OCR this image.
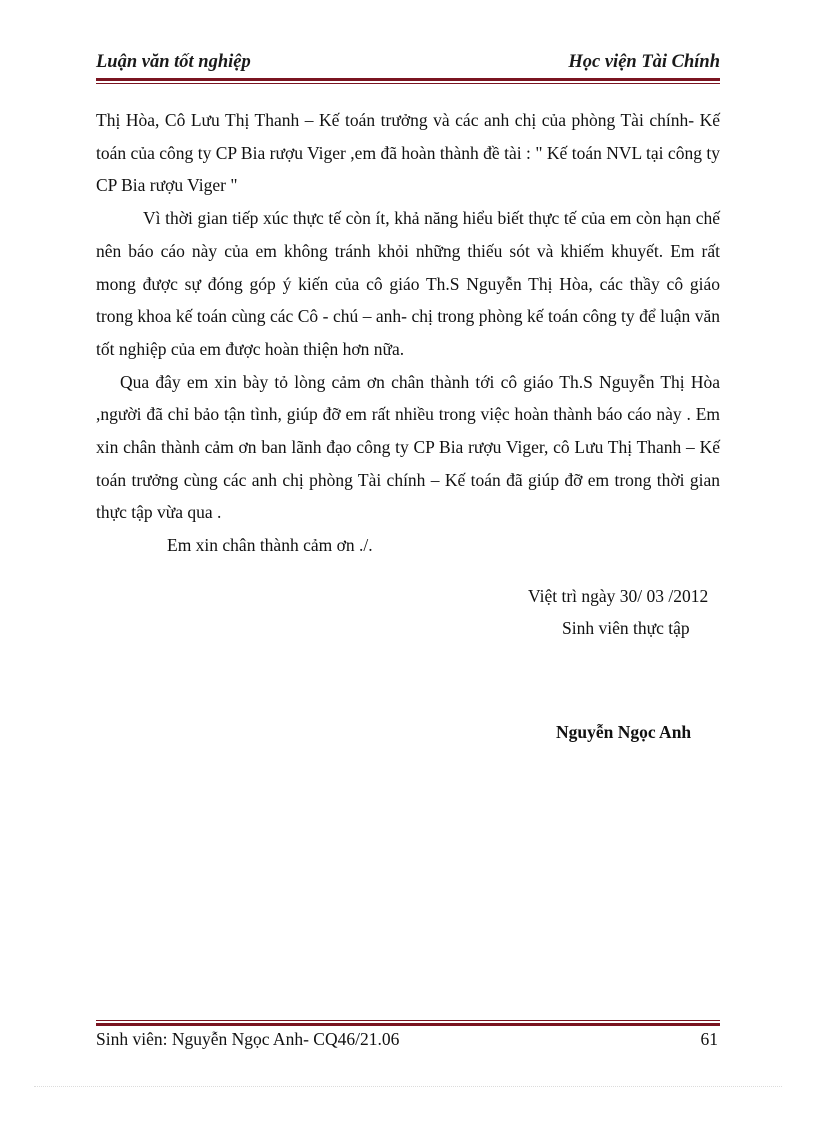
Luận văn tốt nghiệp	Học viện Tài Chính

Thị Hòa, Cô Lưu Thị Thanh – Kế toán trưởng và các anh chị của phòng Tài chính- Kế toán của công ty CP Bia rượu Viger ,em đã hoàn thành đề tài : " Kế toán NVL tại công ty CP Bia rượu Viger "

Vì thời gian tiếp xúc thực tế còn ít, khả năng hiểu biết thực tế của em còn hạn chế nên báo cáo này của em không tránh khỏi những thiếu sót và khiếm khuyết. Em rất mong được sự đóng góp ý kiến của cô giáo Th.S Nguyễn Thị Hòa, các thầy cô giáo trong khoa kế toán cùng các Cô - chú – anh- chị trong phòng kế toán công ty để luận văn tốt nghiệp của em được hoàn thiện hơn nữa.

Qua đây em xin bày tỏ lòng cảm ơn chân thành tới cô giáo Th.S Nguyễn Thị Hòa ,người đã chỉ bảo tận tình, giúp đỡ em rất nhiều trong việc hoàn thành báo cáo này . Em xin chân thành cảm ơn ban lãnh đạo công ty CP Bia rượu Viger, cô Lưu Thị Thanh – Kế toán trưởng cùng các anh chị phòng Tài chính – Kế toán đã giúp đỡ em trong thời gian thực tập vừa qua .

Em xin chân thành cảm ơn ./.

Việt trì ngày 30/ 03 /2012
Sinh viên thực tập
Nguyễn Ngọc Anh
Sinh viên: Nguyễn Ngọc Anh- CQ46/21.06	61
